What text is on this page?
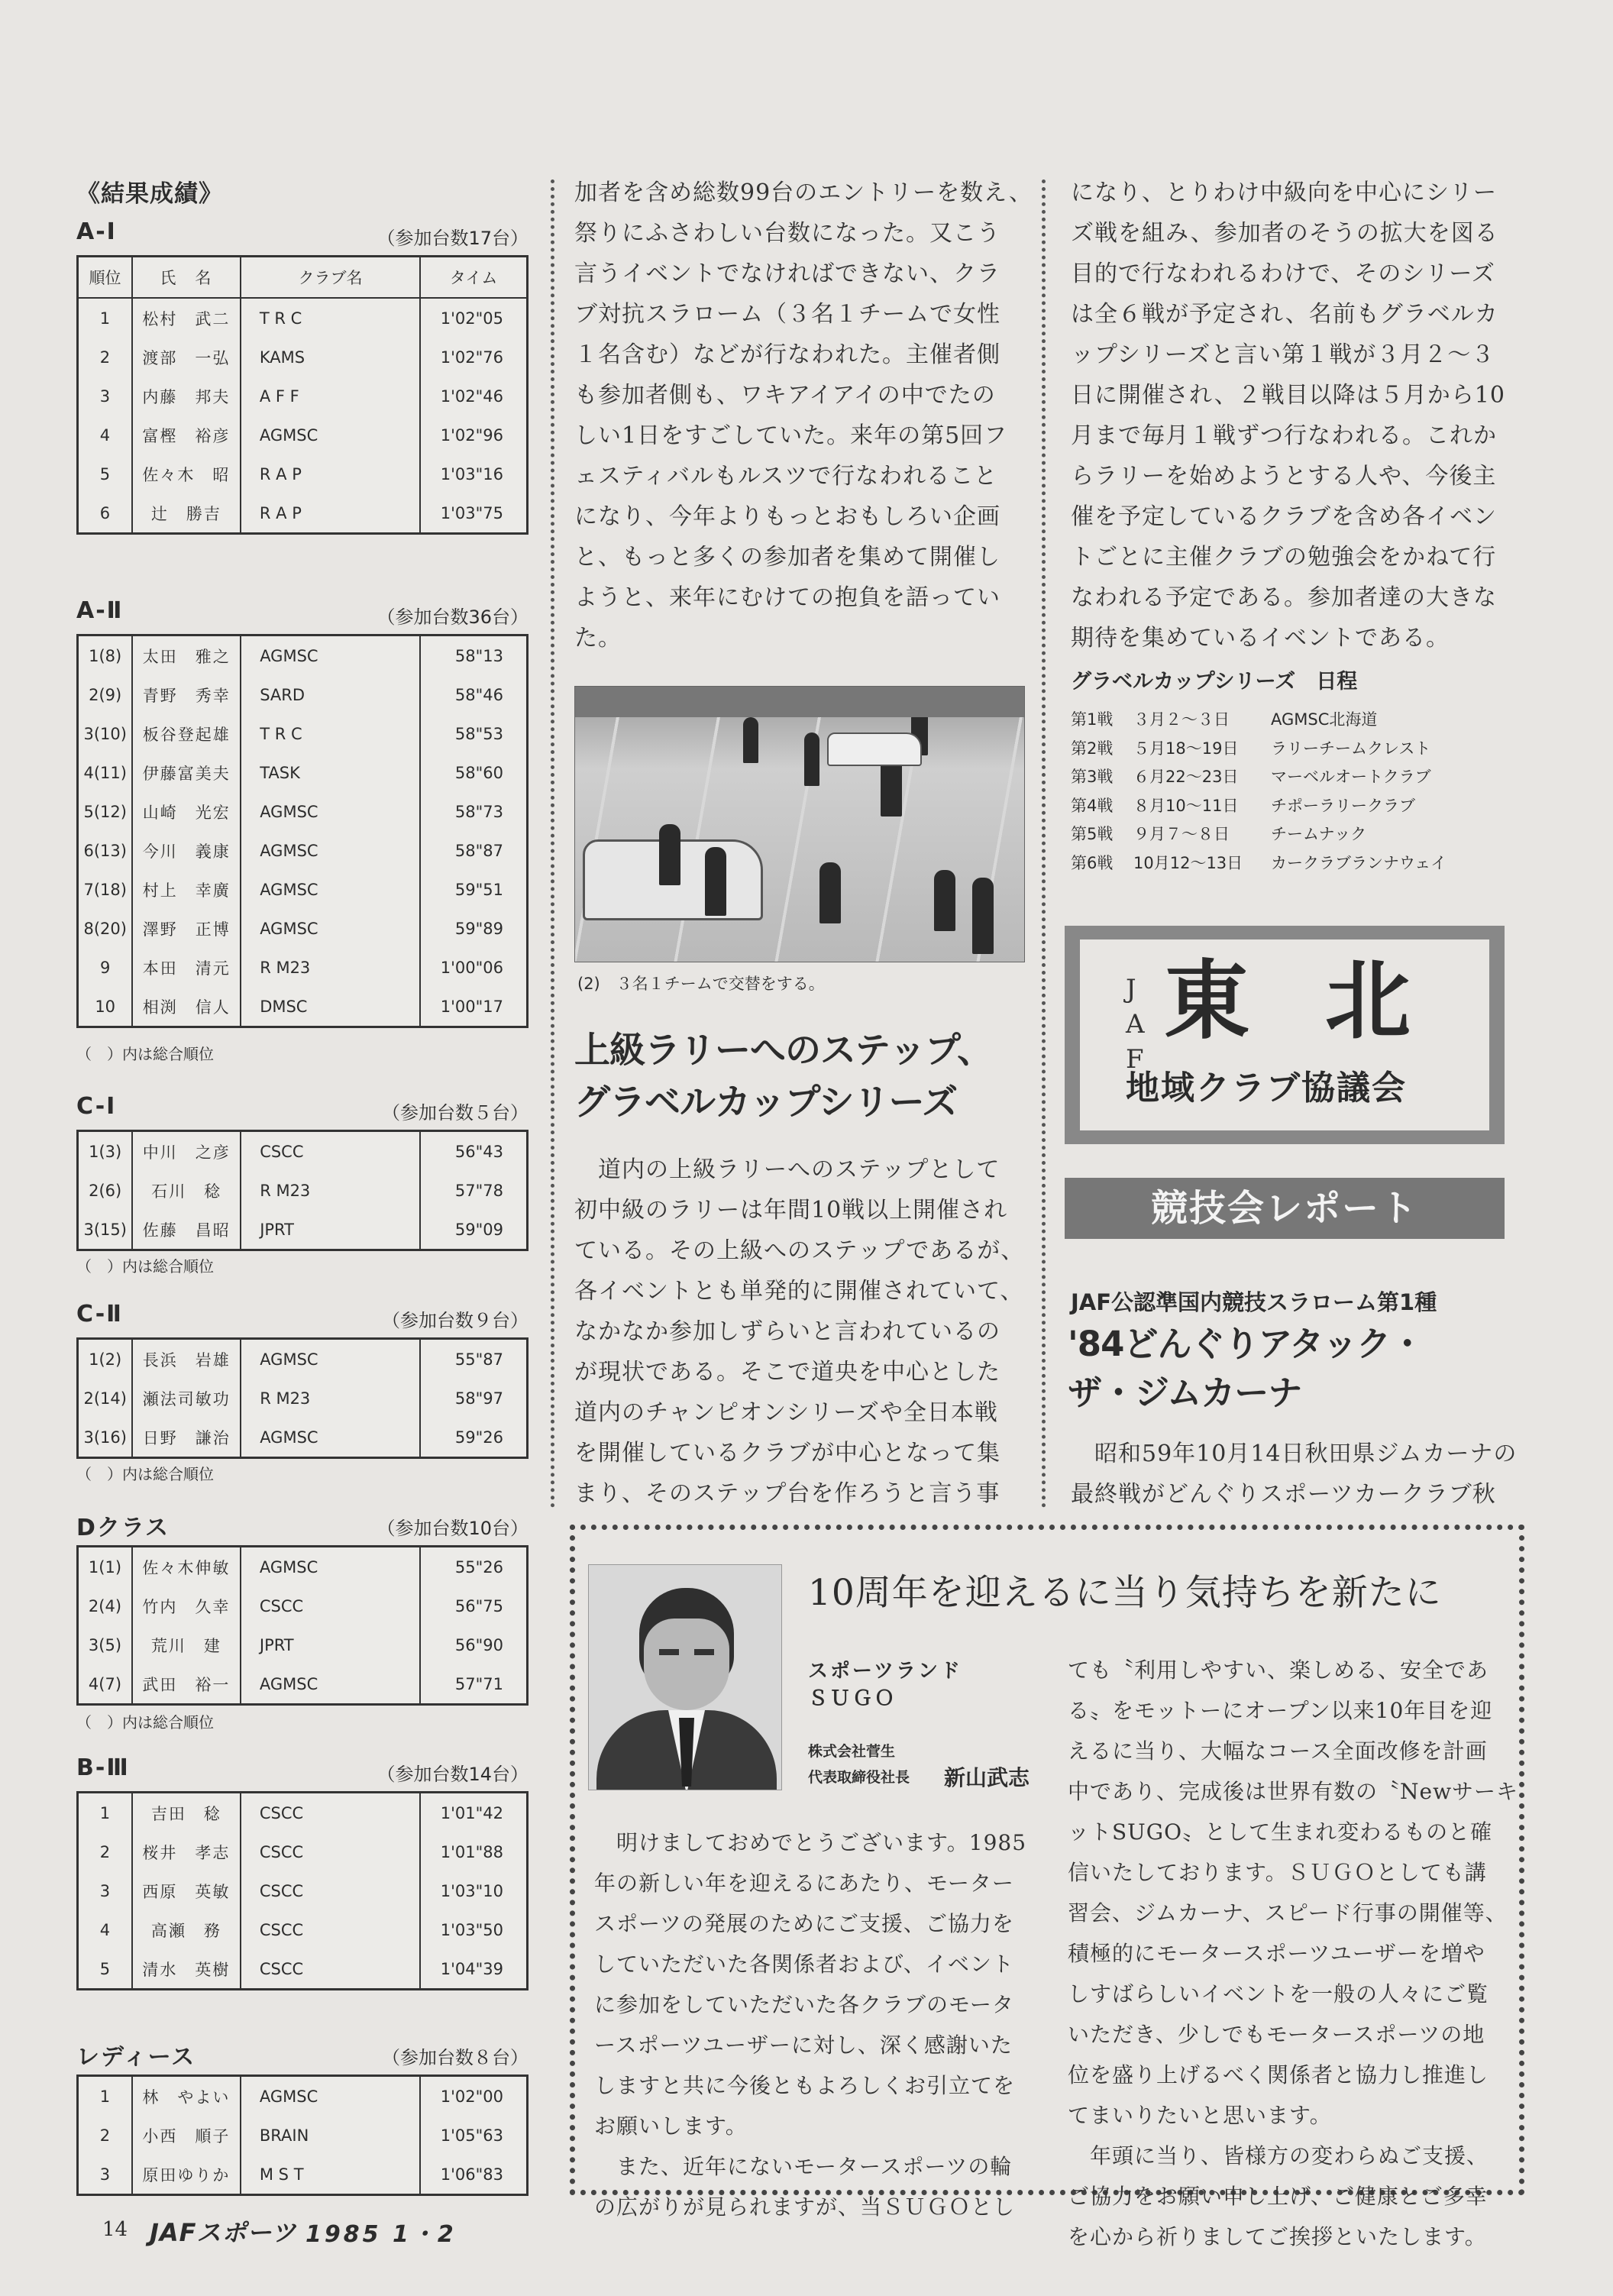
《結果成績》
A-Ⅰ	（参加台数17台）
順位	氏　名	クラブ名	タイム
1	松村　武二	T R C	1'02"05
2	渡部　一弘	KAMS	1'02"76
3	内藤　邦夫	A F F	1'02"46
4	富樫　裕彦	AGMSC	1'02"96
5	佐々木　昭	R A P	1'03"16
6	辻　勝吉	R A P	1'03"75
A-Ⅱ	（参加台数36台）
1(8)	太田　雅之	AGMSC	58"13
2(9)	青野　秀幸	SARD	58"46
3(10)	板谷登起雄	T R C	58"53
4(11)	伊藤富美夫	TASK	58"60
5(12)	山崎　光宏	AGMSC	58"73
6(13)	今川　義康	AGMSC	58"87
7(18)	村上　幸廣	AGMSC	59"51
8(20)	澤野　正博	AGMSC	59"89
9	本田　清元	R M23	1'00"06
10	相渕　信人	DMSC	1'00"17
（　）内は総合順位
C-Ⅰ	（参加台数５台）
1(3)	中川　之彦	CSCC	56"43
2(6)	石川　稔	R M23	57"78
3(15)	佐藤　昌昭	JPRT	59"09
（　）内は総合順位
C-Ⅱ	（参加台数９台）
1(2)	長浜　岩雄	AGMSC	55"87
2(14)	瀬法司敏功	R M23	58"97
3(16)	日野　謙治	AGMSC	59"26
（　）内は総合順位
Dクラス	（参加台数10台）
1(1)	佐々木伸敏	AGMSC	55"26
2(4)	竹内　久幸	CSCC	56"75
3(5)	荒川　建	JPRT	56"90
4(7)	武田　裕一	AGMSC	57"71
（　）内は総合順位
B-Ⅲ	（参加台数14台）
1	吉田　稔	CSCC	1'01"42
2	桜井　孝志	CSCC	1'01"88
3	西原　英敏	CSCC	1'03"10
4	高瀬　務	CSCC	1'03"50
5	清水　英樹	CSCC	1'04"39
レディース	（参加台数８台）
1	林　やよい	AGMSC	1'02"00
2	小西　順子	BRAIN	1'05"63
3	原田ゆりか	M S T	1'06"83
加者を含め総数99台のエントリーを数え、
祭りにふさわしい台数になった。又こう
言うイベントでなければできない、クラ
ブ対抗スラローム（３名１チームで女性
１名含む）などが行なわれた。主催者側
も参加者側も、ワキアイアイの中でたの
しい1日をすごしていた。来年の第5回フ
ェスティバルもルスツで行なわれること
になり、今年よりもっとおもしろい企画
と、もっと多くの参加者を集めて開催し
ようと、来年にむけての抱負を語ってい
た。
(2)　３名１チームで交替をする。
上級ラリーへのステップ、
グラベルカップシリーズ
　道内の上級ラリーへのステップとして
初中級のラリーは年間10戦以上開催され
ている。その上級へのステップであるが、
各イベントとも単発的に開催されていて、
なかなか参加しずらいと言われているの
が現状である。そこで道央を中心とした
道内のチャンピオンシリーズや全日本戦
を開催しているクラブが中心となって集
まり、そのステップ台を作ろうと言う事
になり、とりわけ中級向を中心にシリー
ズ戦を組み、参加者のそうの拡大を図る
目的で行なわれるわけで、そのシリーズ
は全６戦が予定され、名前もグラベルカ
ップシリーズと言い第１戦が３月２～３
日に開催され、２戦目以降は５月から10
月まで毎月１戦ずつ行なわれる。これか
らラリーを始めようとする人や、今後主
催を予定しているクラブを含め各イベン
トごとに主催クラブの勉強会をかねて行
なわれる予定である。参加者達の大きな
期待を集めているイベントである。
グラベルカップシリーズ　日程
第1戦 ３月２～３日	AGMSC北海道
第2戦 ５月18～19日 ラリーチームクレスト
第3戦 ６月22～23日 マーベルオートクラブ
第4戦 ８月10～11日 チポーラリークラブ
第5戦 ９月７～８日	チームナック
第6戦 10月12～13日 カークラブランナウェイ
J
A
F
東 北
地域クラブ協議会
競技会レポート
JAF公認準国内競技スラローム第1種
'84どんぐりアタック・
ザ・ジムカーナ
　昭和59年10月14日秋田県ジムカーナの
最終戦がどんぐりスポーツカークラブ秋
10周年を迎えるに当り気持ちを新たに
スポーツランド
ＳＵＧＯ
株式会社菅生
代表取締役社長 新山武志
　明けましておめでとうございます。1985
年の新しい年を迎えるにあたり、モーター
スポーツの発展のためにご支援、ご協力を
していただいた各関係者および、イベント
に参加をしていただいた各クラブのモータ
ースポーツユーザーに対し、深く感謝いた
しますと共に今後ともよろしくお引立てを
お願いします。
　また、近年にないモータースポーツの輪
の広がりが見られますが、当ＳＵＧＯとし
ても〝利用しやすい、楽しめる、安全であ
る〟をモットーにオープン以来10年目を迎
えるに当り、大幅なコース全面改修を計画
中であり、完成後は世界有数の〝Newサーキ
ットSUGO〟として生まれ変わるものと確
信いたしております。ＳＵＧＯとしても講
習会、ジムカーナ、スピード行事の開催等、
積極的にモータースポーツユーザーを増や
しすばらしいイベントを一般の人々にご覧
いただき、少しでもモータースポーツの地
位を盛り上げるべく関係者と協力し推進し
てまいりたいと思います。
　年頭に当り、皆様方の変わらぬご支援、
ご協力をお願い申し上げ、ご健康とご多幸
を心から祈りましてご挨拶といたします。
14 JAFスポーツ 1985 1・2
